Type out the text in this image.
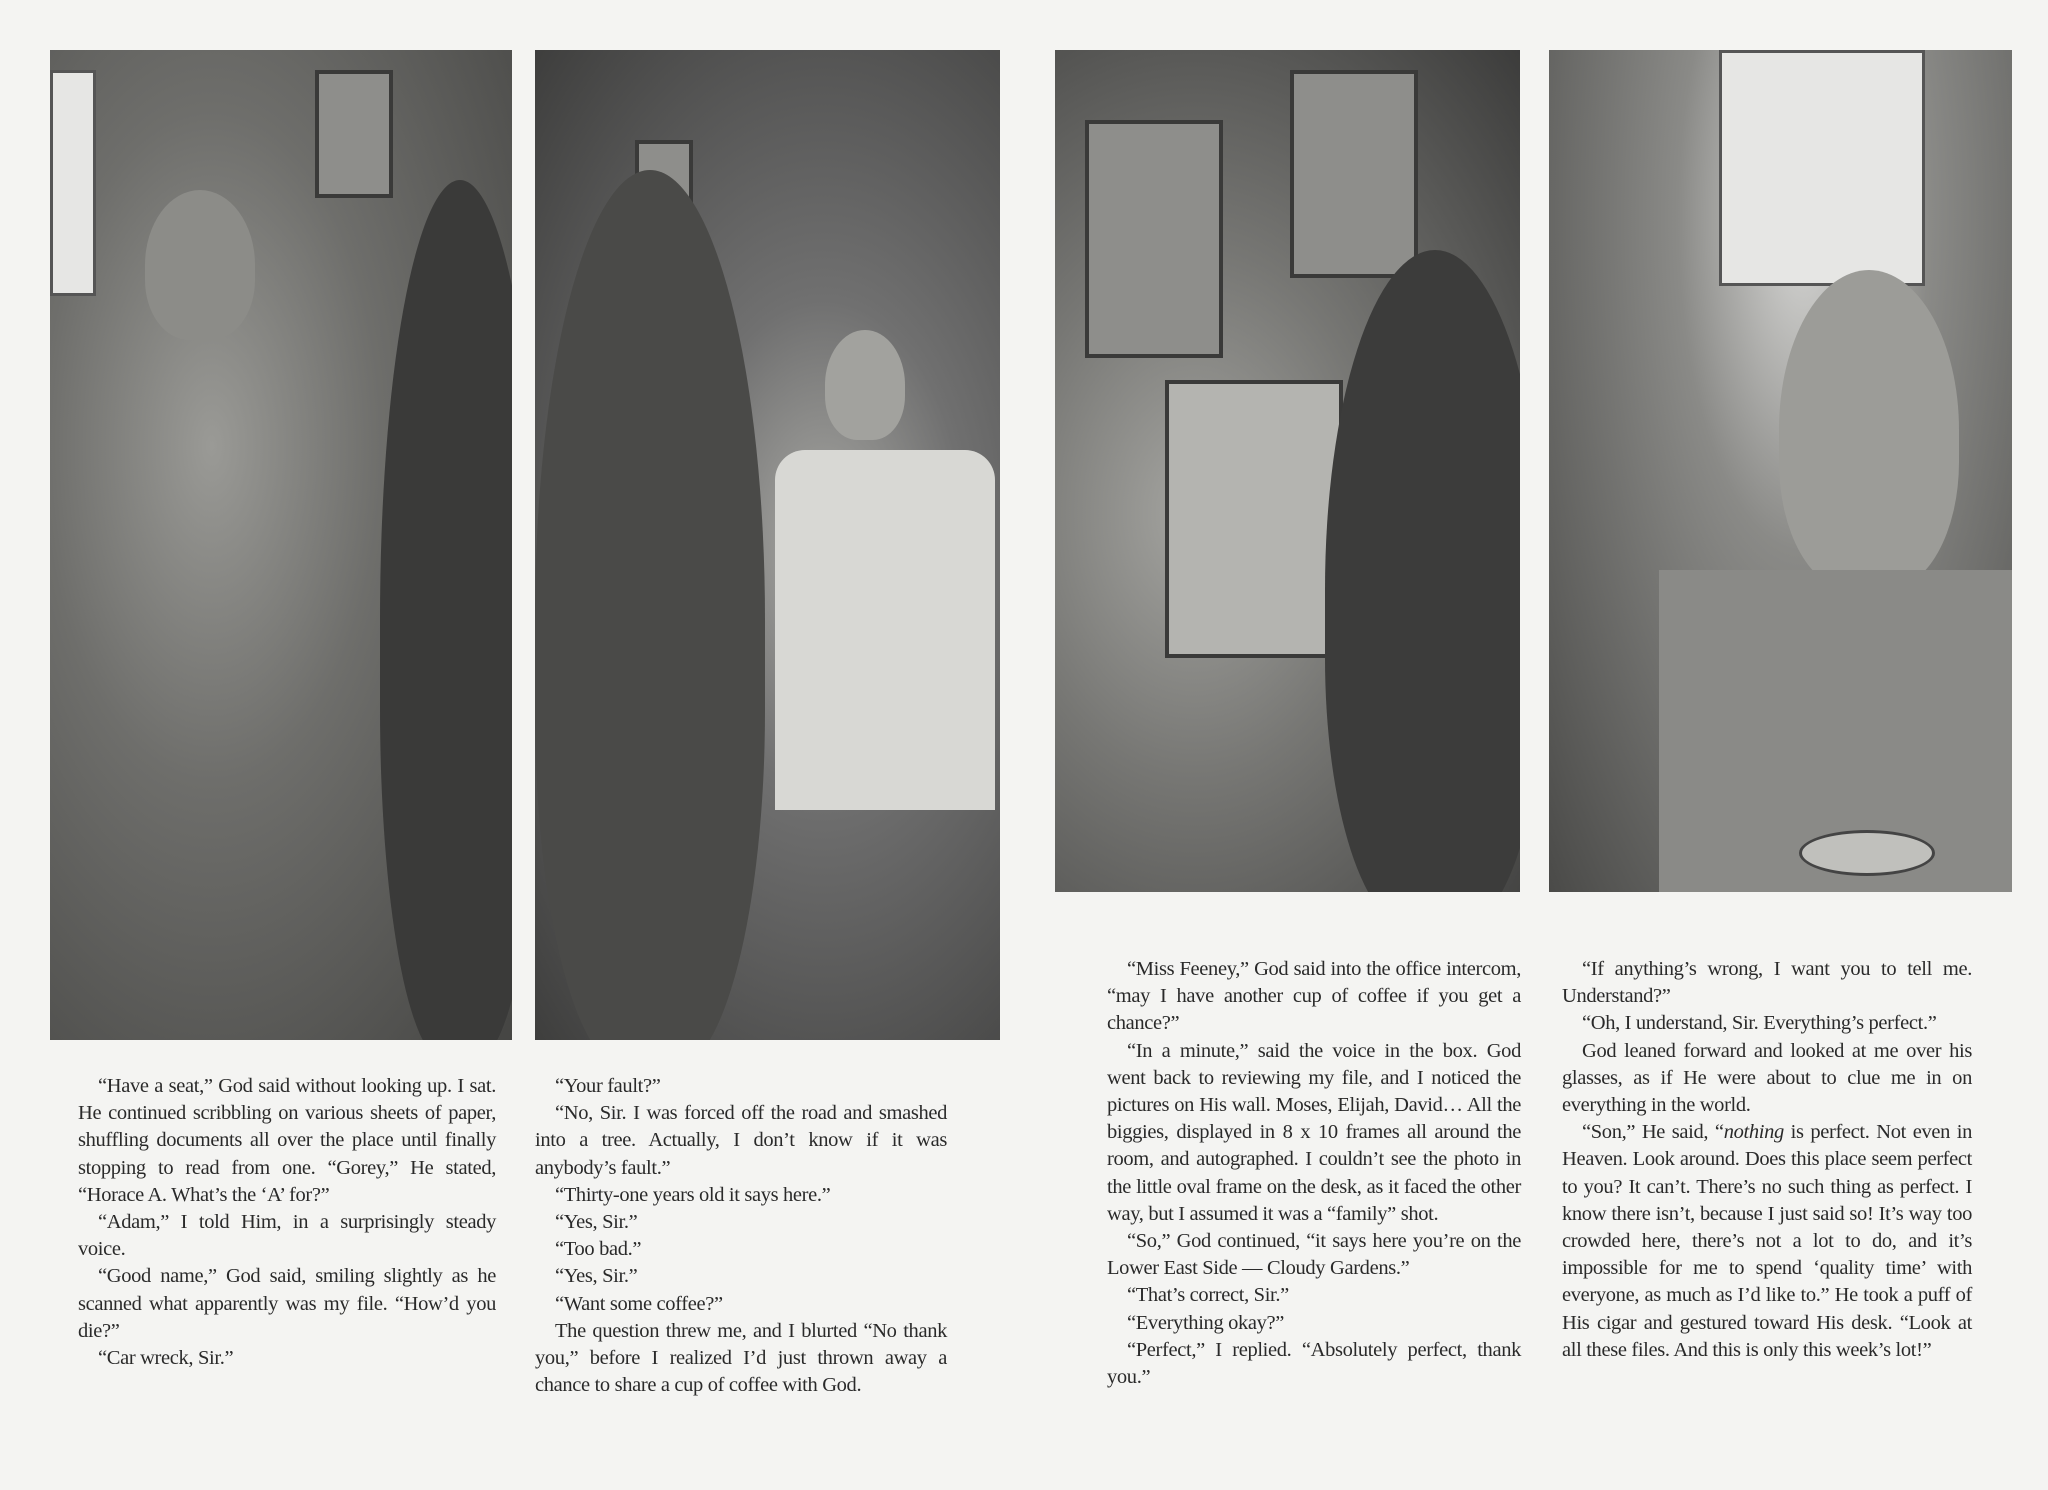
“Have a seat,” God said without looking up. I sat. He continued scribbling on various sheets of paper, shuffling documents all over the place until finally stopping to read from one. “Gorey,” He stated, “Horace A. What’s the ‘A’ for?”

“Adam,” I told Him, in a surprisingly steady voice.

“Good name,” God said, smiling slightly as he scanned what apparently was my file. “How’d you die?”

“Car wreck, Sir.”

“Your fault?”

“No, Sir. I was forced off the road and smashed into a tree. Actually, I don’t know if it was anybody’s fault.”

“Thirty-one years old it says here.”

“Yes, Sir.”

“Too bad.”

“Yes, Sir.”

“Want some coffee?”

The question threw me, and I blurted “No thank you,” before I realized I’d just thrown away a chance to share a cup of coffee with God.

“Miss Feeney,” God said into the office intercom, “may I have another cup of coffee if you get a chance?”

“In a minute,” said the voice in the box. God went back to reviewing my file, and I noticed the pictures on His wall. Moses, Elijah, David… All the biggies, displayed in 8 x 10 frames all around the room, and autographed. I couldn’t see the photo in the little oval frame on the desk, as it faced the other way, but I assumed it was a “family” shot.

“So,” God continued, “it says here you’re on the Lower East Side — Cloudy Gardens.”

“That’s correct, Sir.”

“Everything okay?”

“Perfect,” I replied. “Absolutely perfect, thank you.”

“If anything’s wrong, I want you to tell me. Understand?”

“Oh, I understand, Sir. Everything’s perfect.”

God leaned forward and looked at me over his glasses, as if He were about to clue me in on everything in the world.

“Son,” He said, “nothing is perfect. Not even in Heaven. Look around. Does this place seem perfect to you? It can’t. There’s no such thing as perfect. I know there isn’t, because I just said so! It’s way too crowded here, there’s not a lot to do, and it’s impossible for me to spend ‘quality time’ with everyone, as much as I’d like to.” He took a puff of His cigar and gestured toward His desk. “Look at all these files. And this is only this week’s lot!”
